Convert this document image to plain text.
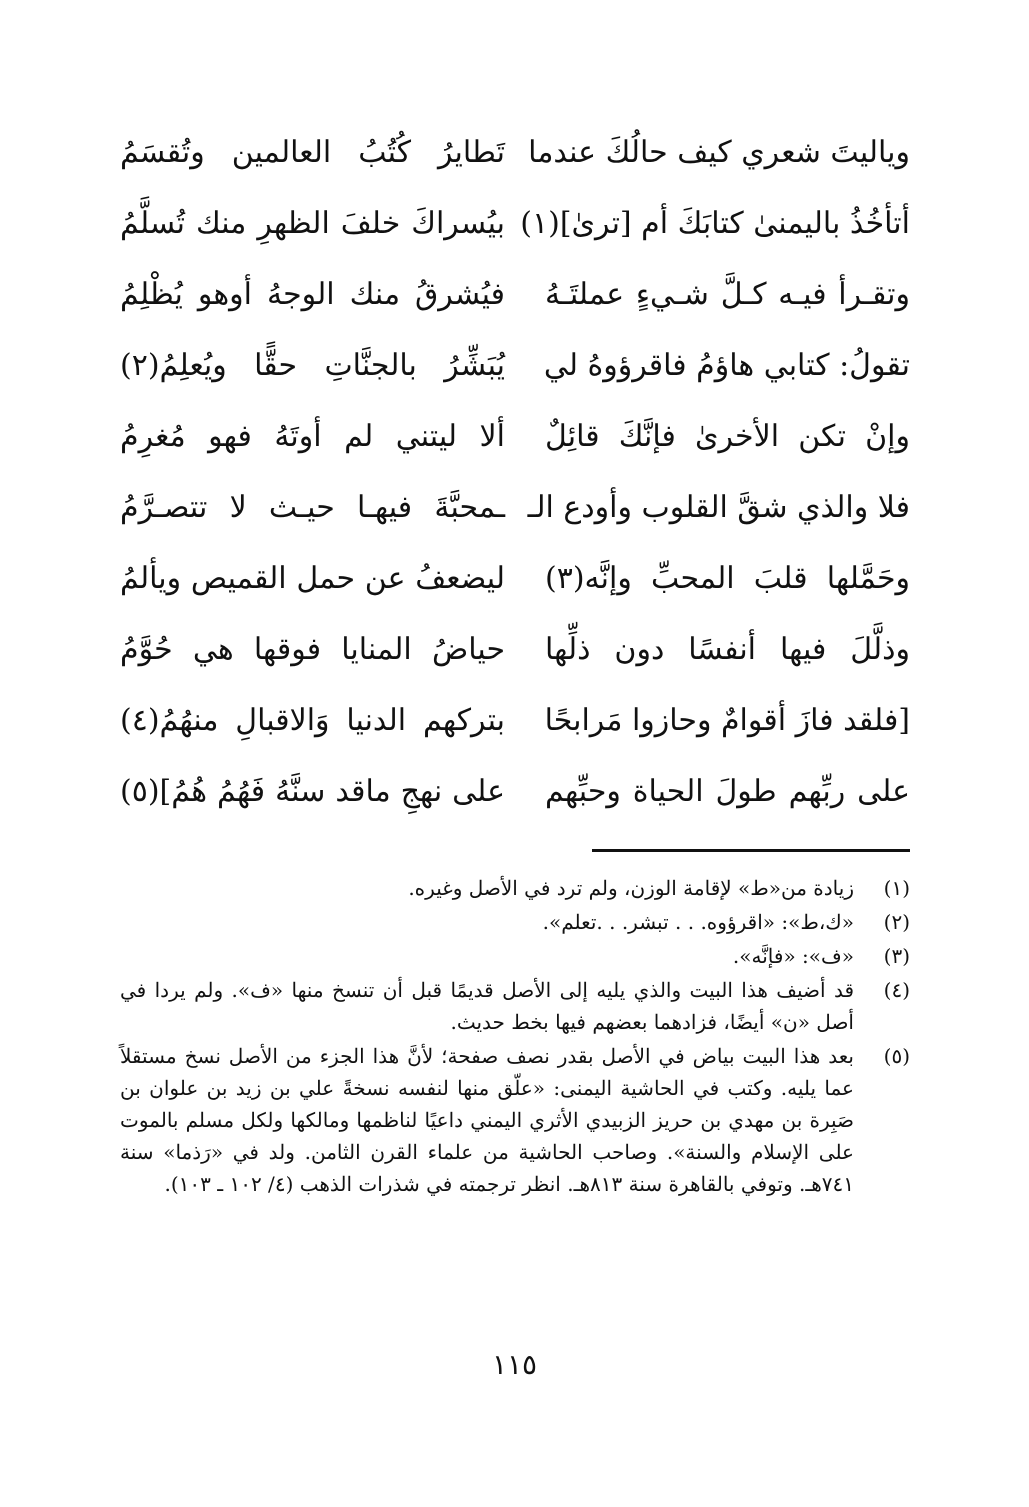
وياليتَ شعري كيف حالُكَ عندما
تَطايرُ كُتُبُ العالمين وتُقسَمُ
أتأخُذُ باليمنىٰ كتابَكَ أم [ترىٰ](١)
بيُسراكَ خلفَ الظهرِ منك تُسلَّمُ
وتقـرأ فيـه كـلَّ شـيءٍ عملتَـهُ
فيُشرقُ منك الوجهُ أوهو يُظْلِمُ
تقولُ: كتابي هاؤمُ فاقرؤوهُ لي
يُبَشِّرُ بالجنَّاتِ حقًّا ويُعلِمُ(٢)
وإنْ تكن الأخرىٰ فإنَّكَ قائِلٌ
ألا ليتني لم أوتَهُ فهو مُغرِمُ
فلا والذي شقَّ القلوب وأودع الـ
ـمحبَّةَ فيهـا حيـث لا تتصـرَّمُ
وحَمَّلها قلبَ المحبِّ وإنَّه(٣)
ليضعفُ عن حمل القميص ويألمُ
وذلَّلَ فيها أنفسًا دون ذلِّها
حياضُ المنايا فوقها هي حُوَّمُ
[فلقد فازَ أقوامٌ وحازوا مَرابحًا
بتركهم الدنيا وَالاقبالِ منهُمُ(٤)
على ربِّهم طولَ الحياة وحبِّهم
على نهجِ ماقد سنَّهُ فَهُمُ هُمُ](٥)
(١)
زيادة من«ط» لإقامة الوزن، ولم ترد في الأصل وغيره.
(٢)
«ك،ط»: «اقرؤوه. . . تبشر. . .تعلم».
(٣)
«ف»: «فإنَّه».
(٤)
قد أضيف هذا البيت والذي يليه إلى الأصل قديمًا قبل أن تنسخ منها «ف». ولم يردا في أصل «ن» أيضًا، فزادهما بعضهم فيها بخط حديث.
(٥)
بعد هذا البيت بياض في الأصل بقدر نصف صفحة؛ لأنَّ هذا الجزء من الأصل نسخ مستقلاً عما يليه. وكتب في الحاشية اليمنى: «علّق منها لنفسه نسخةً علي بن زيد بن علوان بن صَبِرة بن مهدي بن حريز الزبيدي الأثري اليمني داعيًا لناظمها ومالكها ولكل مسلم بالموت على الإسلام والسنة». وصاحب الحاشية من علماء القرن الثامن. ولد في «رَذما» سنة ٧٤١هـ. وتوفي بالقاهرة سنة ٨١٣هـ. انظر ترجمته في شذرات الذهب (٤/ ١٠٢ ـ ١٠٣).
١١٥
